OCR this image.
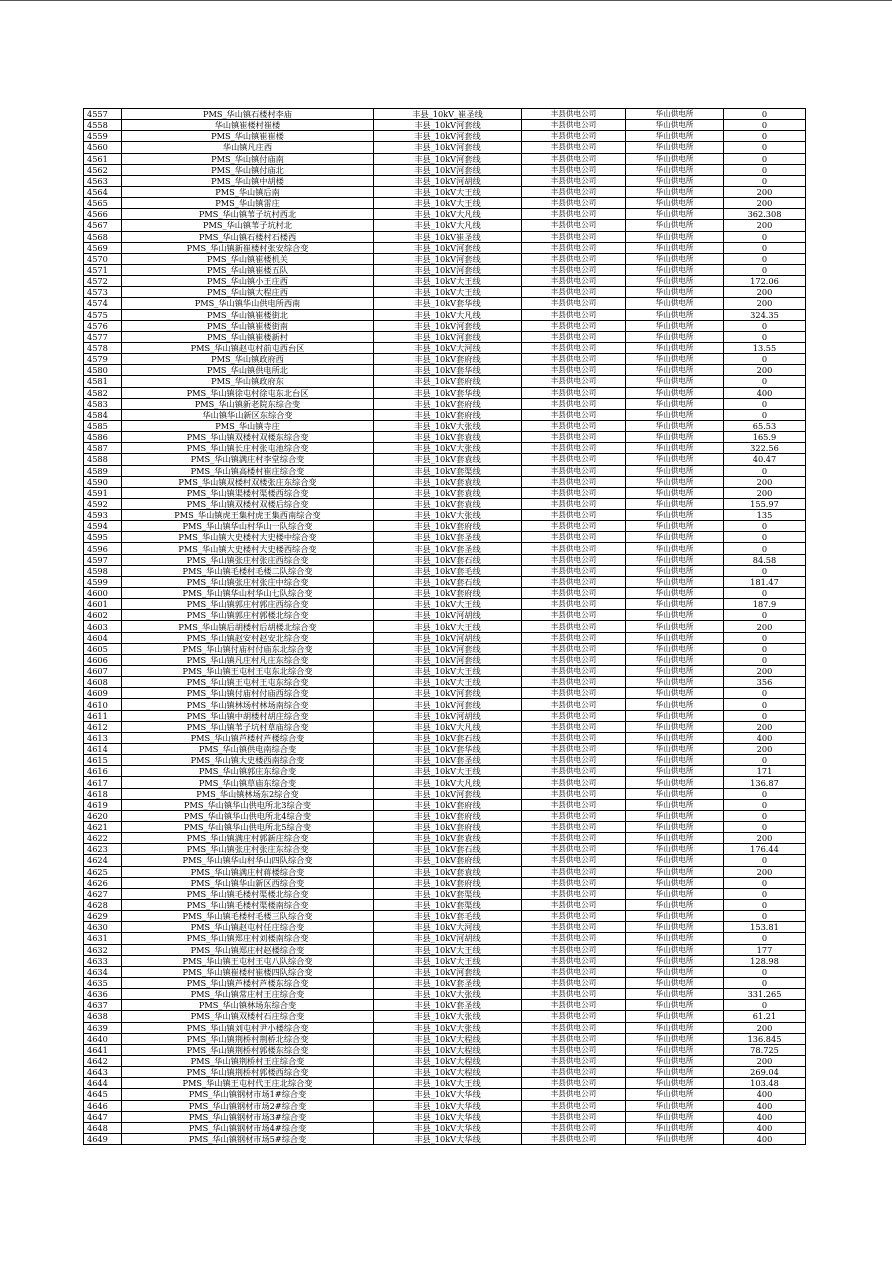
4557	PMS_华山镇石楼村李庙	丰县_10kV_崔圣线	丰县供电公司	华山供电所	0
4558	华山镇崔楼村崔楼	丰县_10kV河套线	丰县供电公司	华山供电所	0
4559	PMS_华山镇崔崔楼	丰县_10kV河套线	丰县供电公司	华山供电所	0
4560	华山镇凡庄西	丰县_10kV河套线	丰县供电公司	华山供电所	0
4561	PMS_华山镇付庙南	丰县_10kV河套线	丰县供电公司	华山供电所	0
4562	PMS_华山镇付庙北	丰县_10kV河套线	丰县供电公司	华山供电所	0
4563	PMS_华山镇中胡楼	丰县_10kV河胡线	丰县供电公司	华山供电所	0
4564	PMS_华山镇后南	丰县_10kV大王线	丰县供电公司	华山供电所	200
4565	PMS_华山镇雷庄	丰县_10kV大王线	丰县供电公司	华山供电所	200
4566	PMS_华山镇苇子坑村西北	丰县_10kV大凡线	丰县供电公司	华山供电所	362.308
4567	PMS_华山镇苇子坑村北	丰县_10kV大凡线	丰县供电公司	华山供电所	200
4568	PMS_华山镇石楼村石楼西	丰县_10kV崔圣线	丰县供电公司	华山供电所	0
4569	PMS_华山镇新崔楼村张安综合变	丰县_10kV河套线	丰县供电公司	华山供电所	0
4570	PMS_华山镇崔楼机关	丰县_10kV河套线	丰县供电公司	华山供电所	0
4571	PMS_华山镇崔楼五队	丰县_10kV河套线	丰县供电公司	华山供电所	0
4572	PMS_华山镇小王庄西	丰县_10kV大王线	丰县供电公司	华山供电所	172.06
4573	PMS_华山镇大程庄西	丰县_10kV大王线	丰县供电公司	华山供电所	200
4574	PMS_华山镇华山供电所西南	丰县_10kV套华线	丰县供电公司	华山供电所	200
4575	PMS_华山镇崔楼街北	丰县_10kV大凡线	丰县供电公司	华山供电所	324.35
4576	PMS_华山镇崔楼街南	丰县_10kV河套线	丰县供电公司	华山供电所	0
4577	PMS_华山镇崔楼新村	丰县_10kV河套线	丰县供电公司	华山供电所	0
4578	PMS_华山镇赵屯村前屯西台区	丰县_10kV大河线	丰县供电公司	华山供电所	13.55
4579	PMS_华山镇政府西	丰县_10kV套府线	丰县供电公司	华山供电所	0
4580	PMS_华山镇供电所北	丰县_10kV套华线	丰县供电公司	华山供电所	200
4581	PMS_华山镇政府东	丰县_10kV套府线	丰县供电公司	华山供电所	0
4582	PMS_华山镇徐屯村徐屯东北台区	丰县_10kV套华线	丰县供电公司	华山供电所	400
4583	PMS_华山镇新老院东综合变	丰县_10kV套府线	丰县供电公司	华山供电所	0
4584	华山镇华山新区东综合变	丰县_10kV套府线	丰县供电公司	华山供电所	0
4585	PMS_华山镇寺庄	丰县_10kV大张线	丰县供电公司	华山供电所	65.53
4586	PMS_华山镇双楼村双楼东综合变	丰县_10kV套袁线	丰县供电公司	华山供电所	165.9
4587	PMS_华山镇长庄村张屯池综合变	丰县_10kV大张线	丰县供电公司	华山供电所	322.56
4588	PMS_华山镇满庄村李堂综合变	丰县_10kV套袁线	丰县供电公司	华山供电所	40.47
4589	PMS_华山镇高楼村崔庄综合变	丰县_10kV套渠线	丰县供电公司	华山供电所	0
4590	PMS_华山镇双楼村双楼张庄东综合变	丰县_10kV套袁线	丰县供电公司	华山供电所	200
4591	PMS_华山镇渠楼村渠楼西综合变	丰县_10kV套袁线	丰县供电公司	华山供电所	200
4592	PMS_华山镇双楼村双楼后综合变	丰县_10kV套袁线	丰县供电公司	华山供电所	155.97
4593	PMS_华山镇虎王集村虎王集西南综合变	丰县_10kV大张线	丰县供电公司	华山供电所	135
4594	PMS_华山镇华山村华山一队综合变	丰县_10kV套府线	丰县供电公司	华山供电所	0
4595	PMS_华山镇大史楼村大史楼中综合变	丰县_10kV套圣线	丰县供电公司	华山供电所	0
4596	PMS_华山镇大史楼村大史楼西综合变	丰县_10kV套圣线	丰县供电公司	华山供电所	0
4597	PMS_华山镇张庄村张庄西综合变	丰县_10kV套石线	丰县供电公司	华山供电所	84.58
4598	PMS_华山镇毛楼村毛楼二队综合变	丰县_10kV套毛线	丰县供电公司	华山供电所	0
4599	PMS_华山镇张庄村张庄中综合变	丰县_10kV套石线	丰县供电公司	华山供电所	181.47
4600	PMS_华山镇华山村华山七队综合变	丰县_10kV套府线	丰县供电公司	华山供电所	0
4601	PMS_华山镇郭庄村郭庄西综合变	丰县_10kV大王线	丰县供电公司	华山供电所	187.9
4602	PMS_华山镇郭庄村郭楼北综合变	丰县_10kV河胡线	丰县供电公司	华山供电所	0
4603	PMS_华山镇后胡楼村后胡楼北综合变	丰县_10kV大王线	丰县供电公司	华山供电所	200
4604	PMS_华山镇赵安村赵安北综合变	丰县_10kV河胡线	丰县供电公司	华山供电所	0
4605	PMS_华山镇付庙村付庙东北综合变	丰县_10kV河套线	丰县供电公司	华山供电所	0
4606	PMS_华山镇凡庄村凡庄东综合变	丰县_10kV河套线	丰县供电公司	华山供电所	0
4607	PMS_华山镇王屯村王屯东北综合变	丰县_10kV大王线	丰县供电公司	华山供电所	200
4608	PMS_华山镇王屯村王屯东综合变	丰县_10kV大王线	丰县供电公司	华山供电所	356
4609	PMS_华山镇付庙村付庙西综合变	丰县_10kV河套线	丰县供电公司	华山供电所	0
4610	PMS_华山镇林场村林场南综合变	丰县_10kV河套线	丰县供电公司	华山供电所	0
4611	PMS_华山镇中胡楼村胡庄综合变	丰县_10kV河胡线	丰县供电公司	华山供电所	0
4612	PMS_华山镇苇子坑村草庙综合变	丰县_10kV大凡线	丰县供电公司	华山供电所	200
4613	PMS_华山镇芦楼村芦楼综合变	丰县_10kV套石线	丰县供电公司	华山供电所	400
4614	PMS_华山镇供电南综合变	丰县_10kV套华线	丰县供电公司	华山供电所	200
4615	PMS_华山镇大史楼西南综合变	丰县_10kV套圣线	丰县供电公司	华山供电所	0
4616	PMS_华山镇郭庄东综合变	丰县_10kV大王线	丰县供电公司	华山供电所	171
4617	PMS_华山镇草庙东综合变	丰县_10kV大凡线	丰县供电公司	华山供电所	136.87
4618	PMS_华山镇林场东2综合变	丰县_10kV河套线	丰县供电公司	华山供电所	0
4619	PMS_华山镇华山供电所北3综合变	丰县_10kV套府线	丰县供电公司	华山供电所	0
4620	PMS_华山镇华山供电所北4综合变	丰县_10kV套府线	丰县供电公司	华山供电所	0
4621	PMS_华山镇华山供电所北5综合变	丰县_10kV套府线	丰县供电公司	华山供电所	0
4622	PMS_华山镇满庄村郭新庄综合变	丰县_10kV套袁线	丰县供电公司	华山供电所	200
4623	PMS_华山镇张庄村张庄东综合变	丰县_10kV套石线	丰县供电公司	华山供电所	176.44
4624	PMS_华山镇华山村华山四队综合变	丰县_10kV套府线	丰县供电公司	华山供电所	0
4625	PMS_华山镇满庄村蒋楼综合变	丰县_10kV套袁线	丰县供电公司	华山供电所	200
4626	PMS_华山镇华山新区西综合变	丰县_10kV套府线	丰县供电公司	华山供电所	0
4627	PMS_华山镇毛楼村渠楼北综合变	丰县_10kV套渠线	丰县供电公司	华山供电所	0
4628	PMS_华山镇毛楼村渠楼南综合变	丰县_10kV套渠线	丰县供电公司	华山供电所	0
4629	PMS_华山镇毛楼村毛楼三队综合变	丰县_10kV套毛线	丰县供电公司	华山供电所	0
4630	PMS_华山镇赵屯村任庄综合变	丰县_10kV大河线	丰县供电公司	华山供电所	153.81
4631	PMS_华山镇郑庄村刘楼南综合变	丰县_10kV河胡线	丰县供电公司	华山供电所	0
4632	PMS_华山镇郑庄村赵楼综合变	丰县_10kV大王线	丰县供电公司	华山供电所	177
4633	PMS_华山镇王屯村王屯八队综合变	丰县_10kV大王线	丰县供电公司	华山供电所	128.98
4634	PMS_华山镇崔楼村崔楼四队综合变	丰县_10kV河套线	丰县供电公司	华山供电所	0
4635	PMS_华山镇芦楼村芦楼东综合变	丰县_10kV套圣线	丰县供电公司	华山供电所	0
4636	PMS_华山镇常庄村王庄综合变	丰县_10kV大张线	丰县供电公司	华山供电所	331.265
4637	PMS_华山镇林场东综合变	丰县_10kV套圣线	丰县供电公司	华山供电所	0
4638	PMS_华山镇双楼村石庄综合变	丰县_10kV大张线	丰县供电公司	华山供电所	61.21
4639	PMS_华山镇刘屯村尹小楼综合变	丰县_10kV大张线	丰县供电公司	华山供电所	200
4640	PMS_华山镇荆桥村荆桥北综合变	丰县_10kV大程线	丰县供电公司	华山供电所	136.845
4641	PMS_华山镇荆桥村郭楼东综合变	丰县_10kV大程线	丰县供电公司	华山供电所	78.725
4642	PMS_华山镇荆桥村王庄综合变	丰县_10kV大程线	丰县供电公司	华山供电所	200
4643	PMS_华山镇荆桥村郭楼西综合变	丰县_10kV大程线	丰县供电公司	华山供电所	269.04
4644	PMS_华山镇王屯村代王庄北综合变	丰县_10kV大王线	丰县供电公司	华山供电所	103.48
4645	PMS_华山镇钢材市场1#综合变	丰县_10kV大华线	丰县供电公司	华山供电所	400
4646	PMS_华山镇钢材市场2#综合变	丰县_10kV大华线	丰县供电公司	华山供电所	400
4647	PMS_华山镇钢材市场3#综合变	丰县_10kV大华线	丰县供电公司	华山供电所	400
4648	PMS_华山镇钢材市场4#综合变	丰县_10kV大华线	丰县供电公司	华山供电所	400
4649	PMS_华山镇钢材市场5#综合变	丰县_10kV大华线	丰县供电公司	华山供电所	400
